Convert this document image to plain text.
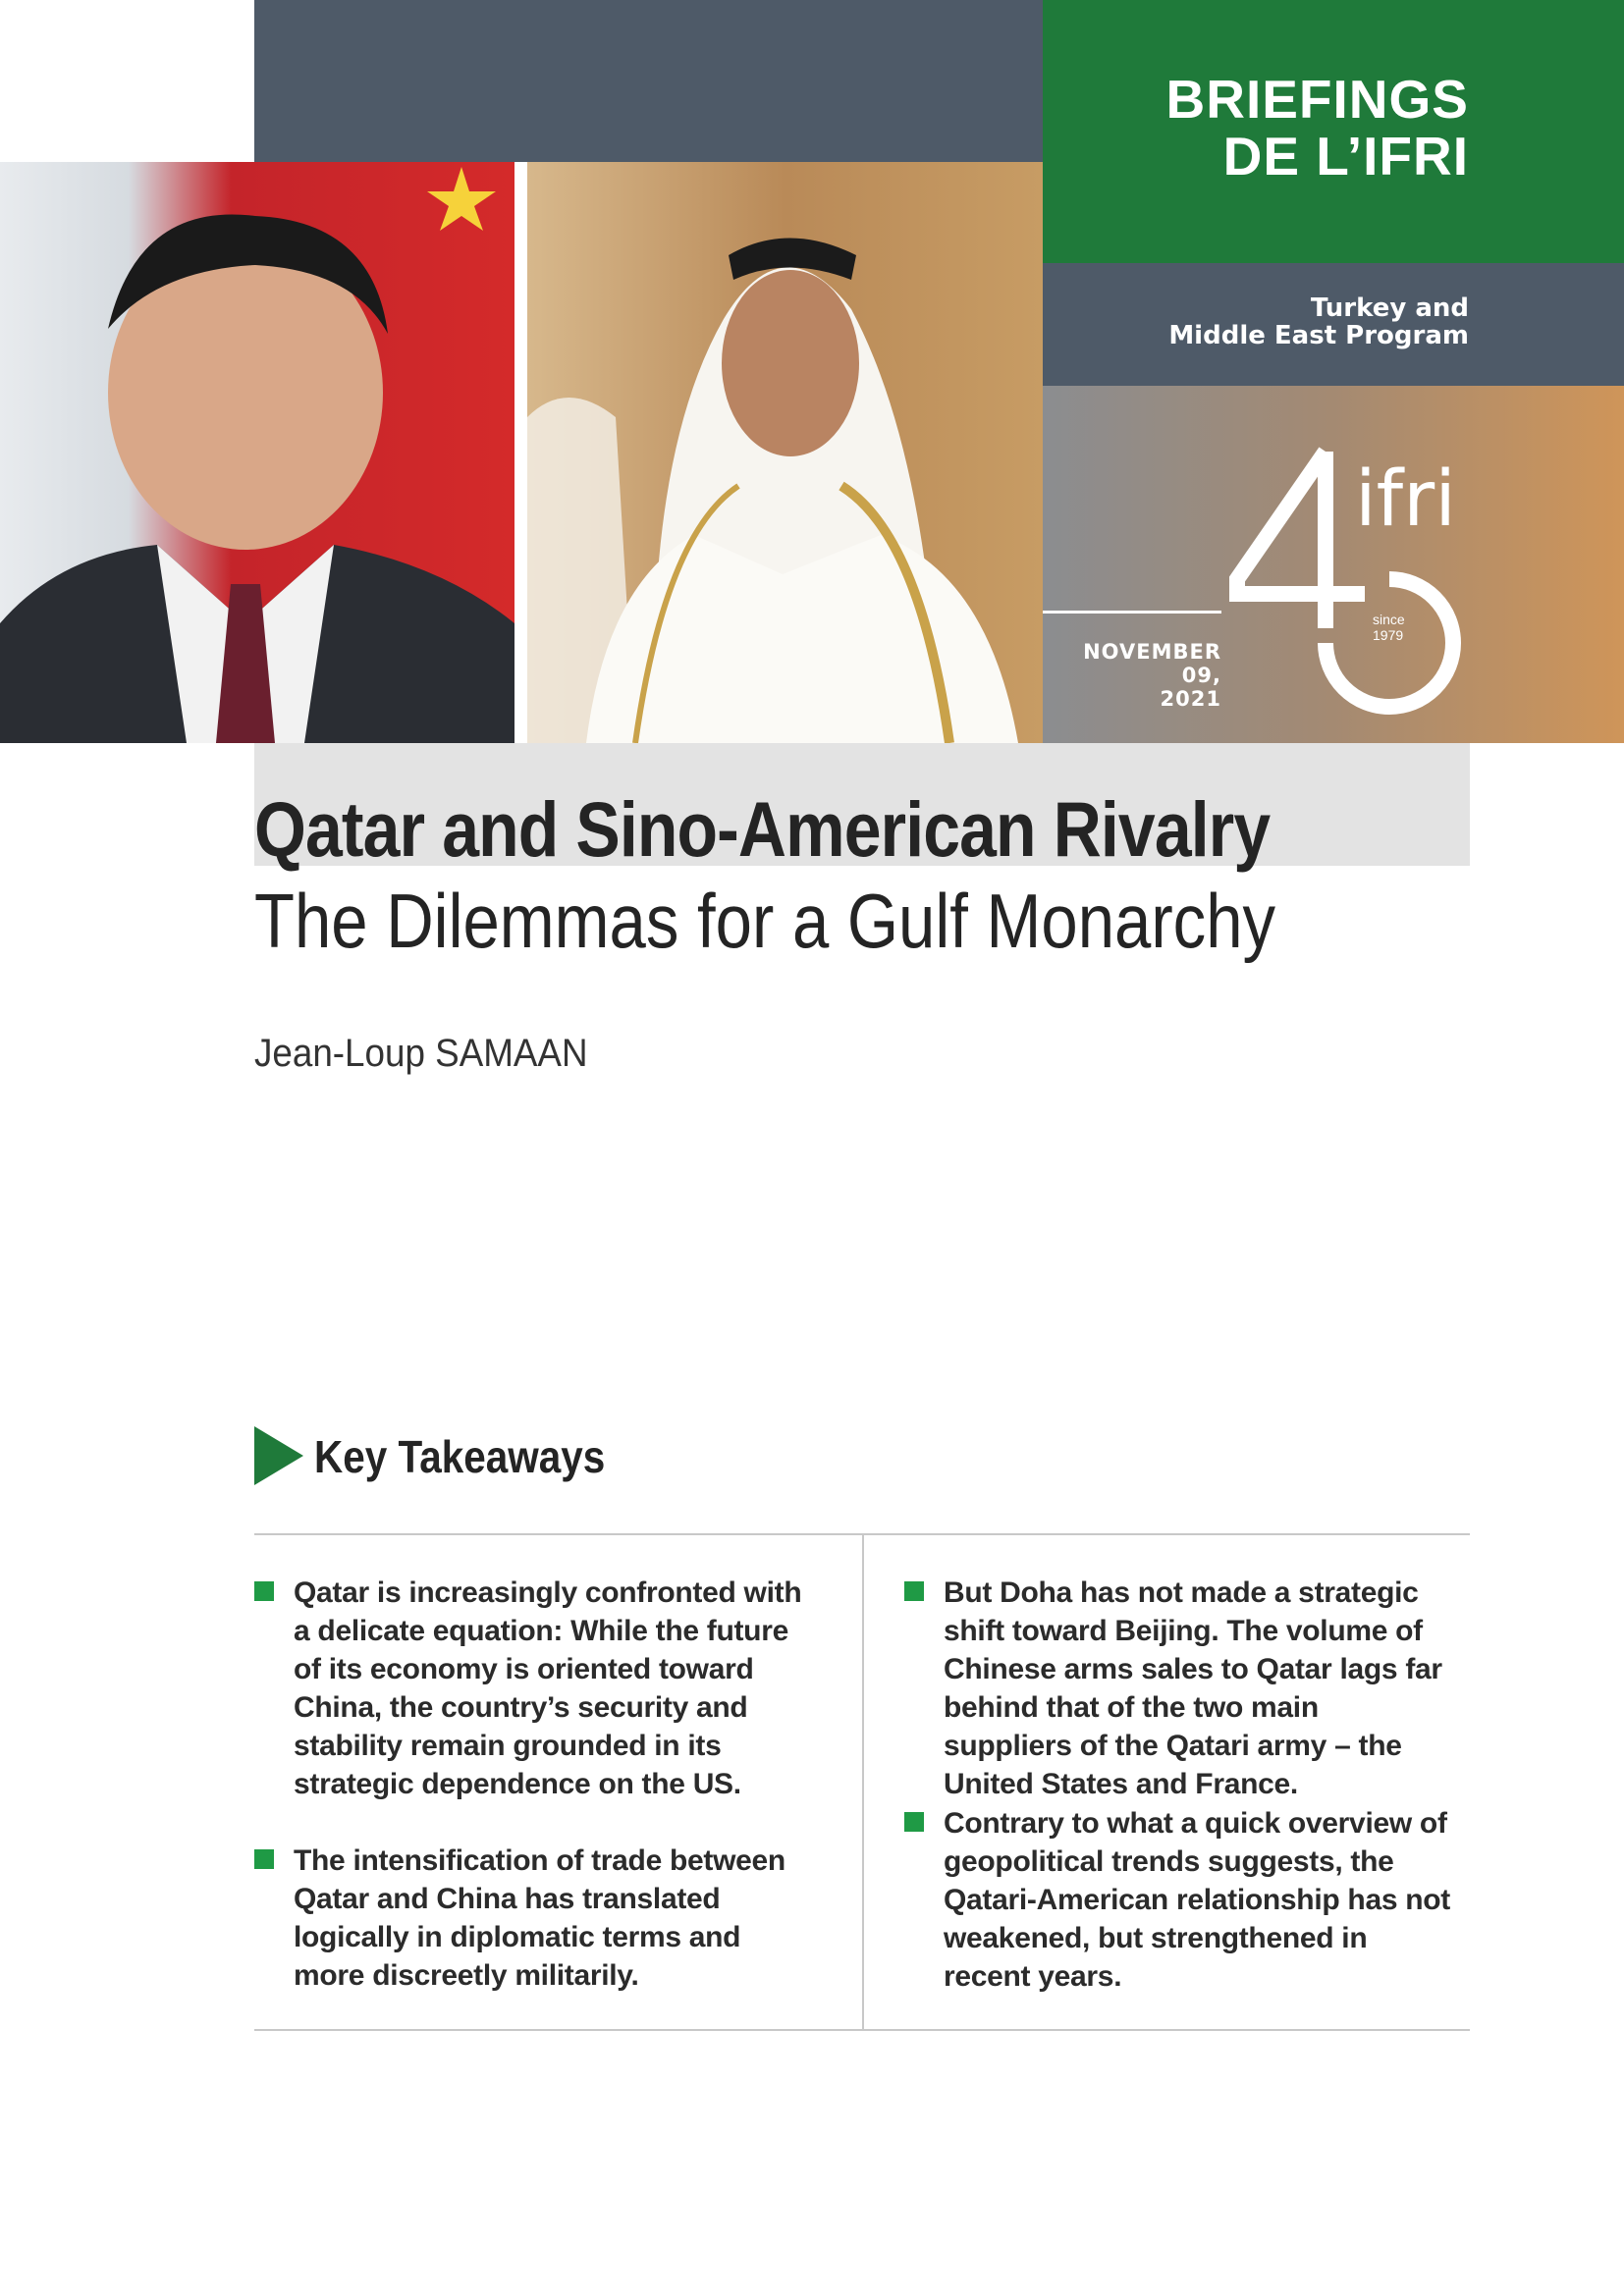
BRIEFINGS
DE L’IFRI
Turkey and
Middle East Program
NOVEMBER 09,
2021
ifri
since
1979
Qatar and Sino-American Rivalry
The Dilemmas for a Gulf Monarchy
Jean-Loup SAMAAN
Key Takeaways
Qatar is increasingly confronted with a delicate equation: While the future of its economy is oriented toward China, the country’s security and stability remain grounded in its strategic dependence on the US.
The intensification of trade between Qatar and China has translated logically in diplomatic terms and more discreetly militarily.
But Doha has not made a strategic shift toward Beijing. The volume of Chinese arms sales to Qatar lags far behind that of the two main suppliers of the Qatari army – the United States and France.
Contrary to what a quick overview of geopolitical trends suggests, the Qatari-American relationship has not weakened, but strengthened in recent years.
